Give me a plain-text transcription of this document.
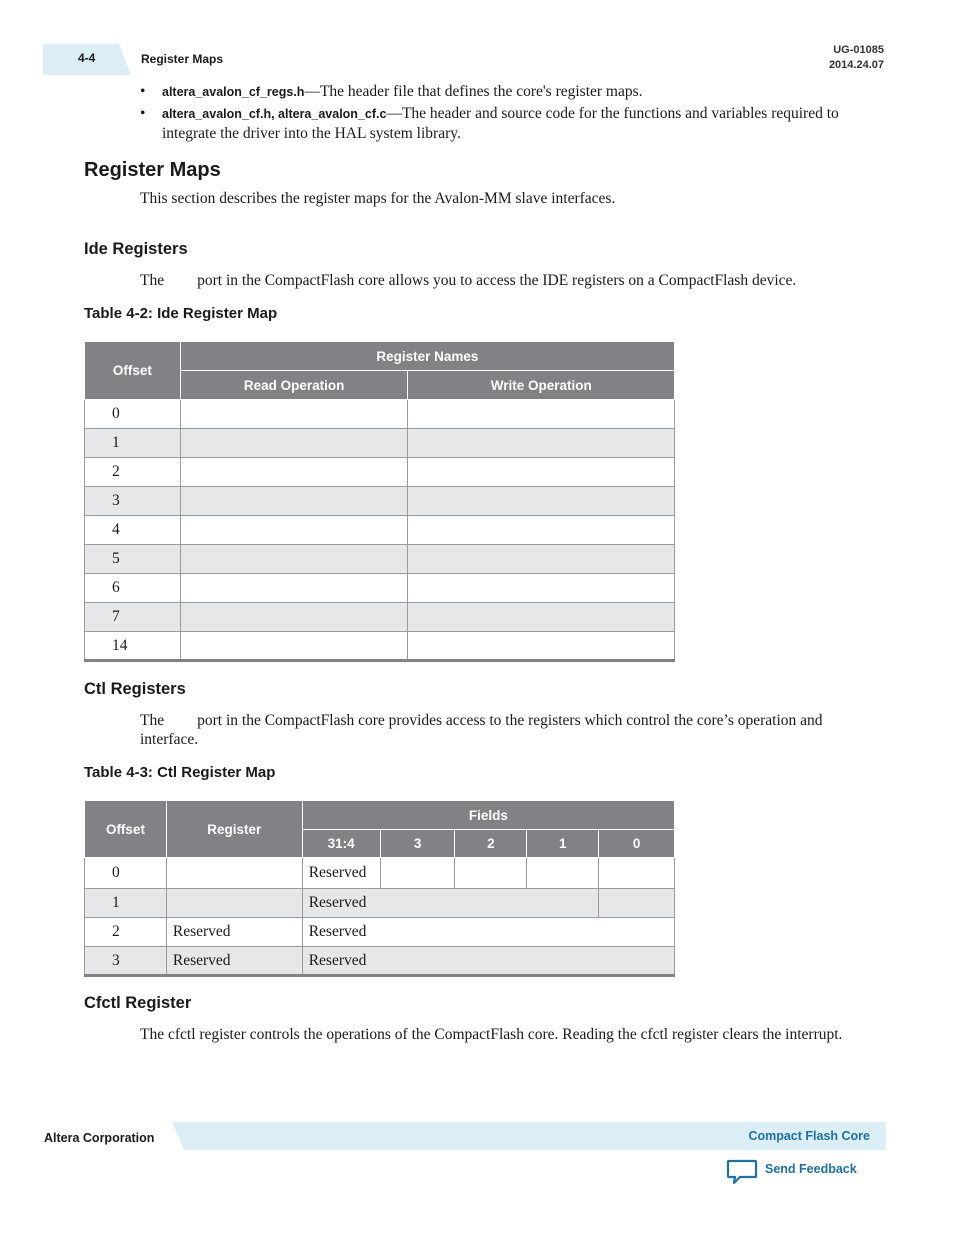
4-4	Register Maps
UG-01085
2014.24.07
• altera_avalon_cf_regs.h—The header file that defines the core's register maps.
• altera_avalon_cf.h, altera_avalon_cf.c—The header and source code for the functions and variables required to integrate the driver into the HAL system library.
Register Maps
This section describes the register maps for the Avalon-MM slave interfaces.
Ide Registers
The port in the CompactFlash core allows you to access the IDE registers on a CompactFlash device.
Table 4-2: Ide Register Map
Offset	Register Names	
	Read Operation	Write Operation
0		
1		
2		
3		
4		
5		
6		
7		
14		
Ctl Registers
The port in the CompactFlash core provides access to the registers which control the core’s operation and interface.
Table 4-3: Ctl Register Map
Offset	Register	Fields				
		31:4	3	2	1	0
0		Reserved				
1		Reserved				
2	Reserved	Reserved				
3	Reserved	Reserved				
Cfctl Register
The cfctl register controls the operations of the CompactFlash core. Reading the cfctl register clears the interrupt.
Altera Corporation	Compact Flash Core
Send Feedback
